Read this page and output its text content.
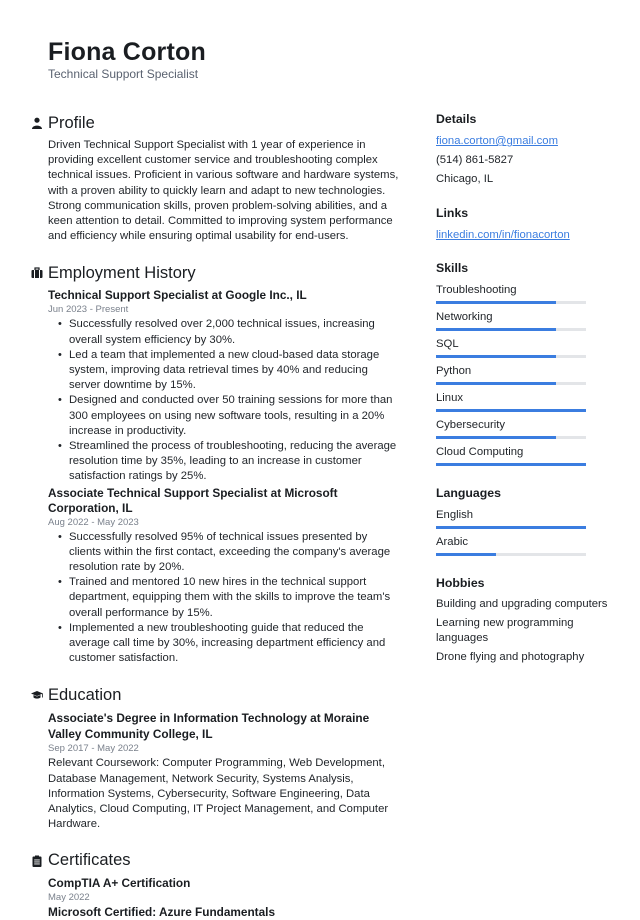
Fiona Corton
Technical Support Specialist
Profile
Driven Technical Support Specialist with 1 year of experience in providing excellent customer service and troubleshooting complex technical issues. Proficient in various software and hardware systems, with a proven ability to quickly learn and adapt to new technologies. Strong communication skills, proven problem-solving abilities, and a keen attention to detail. Committed to improving system performance and efficiency while ensuring optimal usability for end-users.
Employment History
Technical Support Specialist at Google Inc., IL
Jun 2023 - Present
• Successfully resolved over 2,000 technical issues, increasing overall system efficiency by 30%.
• Led a team that implemented a new cloud-based data storage system, improving data retrieval times by 40% and reducing server downtime by 15%.
• Designed and conducted over 50 training sessions for more than 300 employees on using new software tools, resulting in a 20% increase in productivity.
• Streamlined the process of troubleshooting, reducing the average resolution time by 35%, leading to an increase in customer satisfaction ratings by 25%.
Associate Technical Support Specialist at Microsoft Corporation, IL
Aug 2022 - May 2023
• Successfully resolved 95% of technical issues presented by clients within the first contact, exceeding the company's average resolution rate by 20%.
• Trained and mentored 10 new hires in the technical support department, equipping them with the skills to improve the team's overall performance by 15%.
• Implemented a new troubleshooting guide that reduced the average call time by 30%, increasing department efficiency and customer satisfaction.
Education
Associate's Degree in Information Technology at Moraine Valley Community College, IL
Sep 2017 - May 2022
Relevant Coursework: Computer Programming, Web Development, Database Management, Network Security, Systems Analysis, Information Systems, Cybersecurity, Software Engineering, Data Analytics, Cloud Computing, IT Project Management, and Computer Hardware.
Certificates
CompTIA A+ Certification
May 2022
Microsoft Certified: Azure Fundamentals
Details
fiona.corton@gmail.com
(514) 861-5827
Chicago, IL
Links
linkedin.com/in/fionacorton
Skills
Troubleshooting
Networking
SQL
Python
Linux
Cybersecurity
Cloud Computing
Languages
English
Arabic
Hobbies
Building and upgrading computers
Learning new programming languages
Drone flying and photography
